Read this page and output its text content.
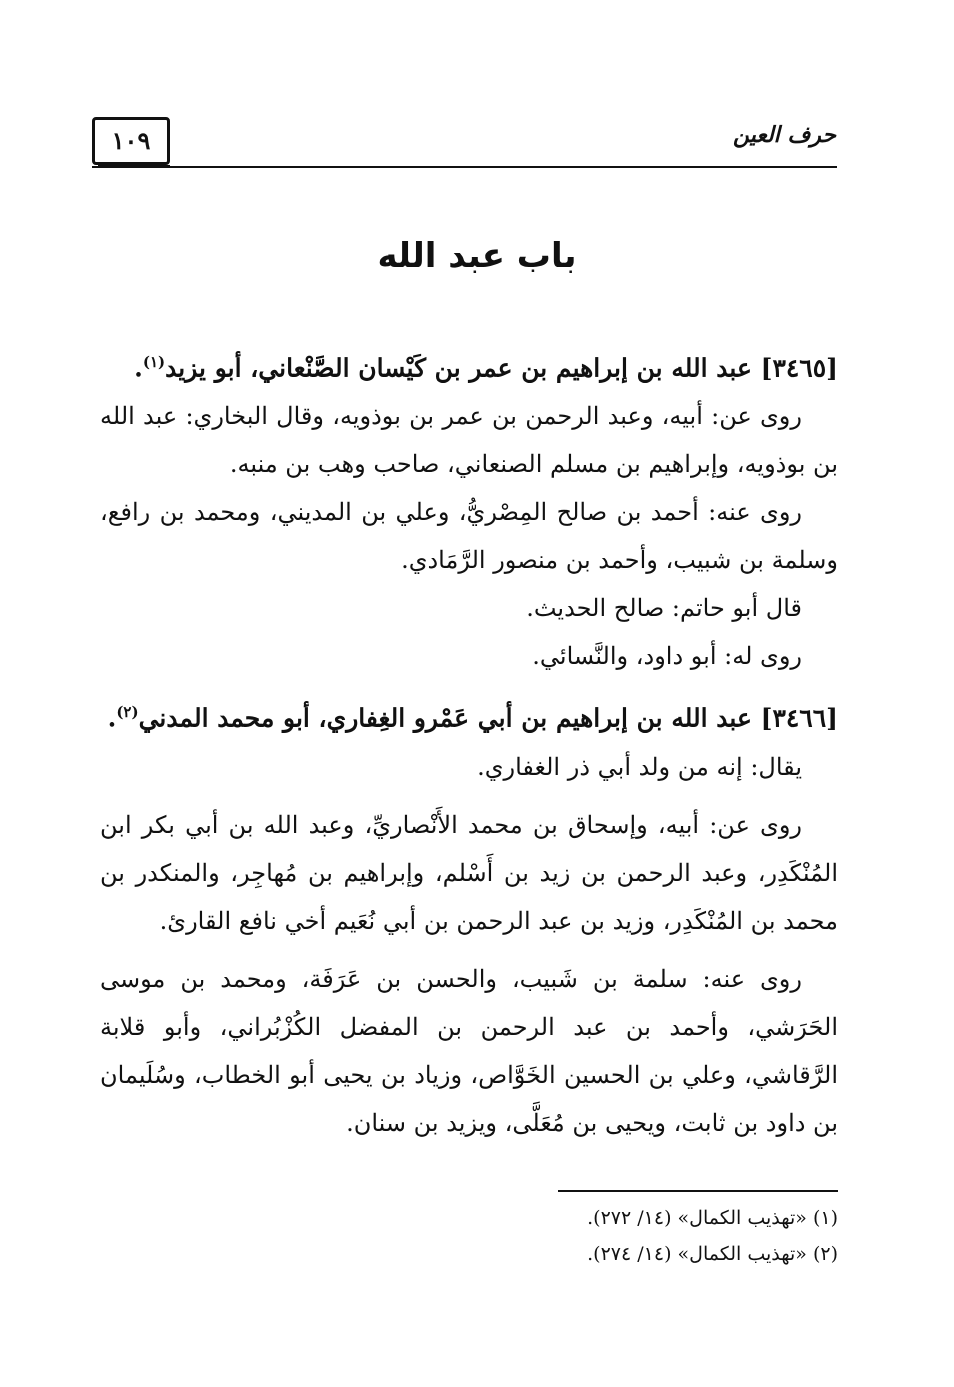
حرف العين
١٠٩
باب عبد الله

[٣٤٦٥] عبد الله بن إبراهيم بن عمر بن كَيْسان الصَّنْعاني، أبو يزيد$^{(١)}$.

روى عن: أبيه، وعبد الرحمن بن عمر بن بوذويه، وقال البخاري: عبد الله بن بوذويه، وإبراهيم بن مسلم الصنعاني، صاحب وهب بن منبه.

روى عنه: أحمد بن صالح المِصْريُّ، وعلي بن المديني، ومحمد بن رافع، وسلمة بن شبيب، وأحمد بن منصور الرَّمَادي.

قال أبو حاتم: صالح الحديث.

روى له: أبو داود، والنَّسائي.

[٣٤٦٦] عبد الله بن إبراهيم بن أبي عَمْرو الغِفاري، أبو محمد المدني$^{(٢)}$.

يقال: إنه من ولد أبي ذر الغفاري.

روى عن: أبيه، وإسحاق بن محمد الأَنْصاريِّ، وعبد الله بن أبي بكر ابن المُنْكَدِر، وعبد الرحمن بن زيد بن أَسْلم، وإبراهيم بن مُهاجِر، والمنكدر بن محمد بن المُنْكَدِر، وزيد بن عبد الرحمن بن أبي نُعَيم أخي نافع القارئ.

روى عنه: سلمة بن شَبيب، والحسن بن عَرَفَة، ومحمد بن موسى الحَرَشي، وأحمد بن عبد الرحمن بن المفضل الكُزْبُراني، وأبو قلابة الرَّقاشي، وعلي بن الحسين الخَوَّاص، وزياد بن يحيى أبو الخطاب، وسُلَيمان بن داود بن ثابت، ويحيى بن مُعَلَّى، ويزيد بن سنان.

(١) «تهذيب الكمال» (١٤/ ٢٧٢).

(٢) «تهذيب الكمال» (١٤/ ٢٧٤).
